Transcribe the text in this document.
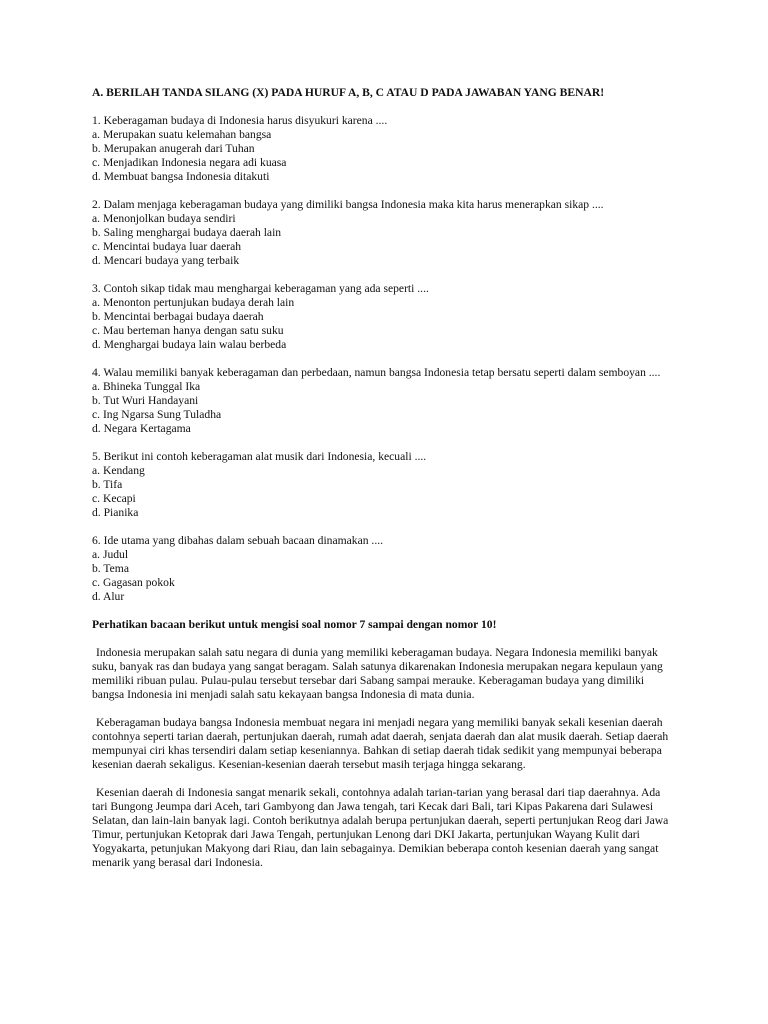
A. BERILAH TANDA SILANG (X) PADA HURUF A, B, C ATAU D PADA JAWABAN YANG BENAR!
1. Keberagaman budaya di Indonesia harus disyukuri karena ....
a. Merupakan suatu kelemahan bangsa
b. Merupakan anugerah dari Tuhan
c. Menjadikan Indonesia negara adi kuasa
d. Membuat bangsa Indonesia ditakuti
2. Dalam menjaga keberagaman budaya yang dimiliki bangsa Indonesia maka kita harus menerapkan sikap ....
a. Menonjolkan budaya sendiri
b. Saling menghargai budaya daerah lain
c. Mencintai budaya luar daerah
d. Mencari budaya yang terbaik
3. Contoh sikap tidak mau menghargai keberagaman yang ada seperti ....
a. Menonton pertunjukan budaya derah lain
b. Mencintai berbagai budaya daerah
c. Mau berteman hanya dengan satu suku
d. Menghargai budaya lain walau berbeda
4. Walau memiliki banyak keberagaman dan perbedaan, namun bangsa Indonesia tetap bersatu seperti dalam semboyan ....
a. Bhineka Tunggal Ika
b. Tut Wuri Handayani
c. Ing Ngarsa Sung Tuladha
d. Negara Kertagama
5. Berikut ini contoh keberagaman alat musik dari Indonesia, kecuali ....
a. Kendang
b. Tifa
c. Kecapi
d. Pianika
6. Ide utama yang dibahas dalam sebuah bacaan dinamakan ....
a. Judul
b. Tema
c. Gagasan pokok
d. Alur
Perhatikan bacaan berikut untuk mengisi soal nomor 7 sampai dengan nomor 10!
Indonesia merupakan salah satu negara di dunia yang memiliki keberagaman budaya. Negara Indonesia memiliki banyak suku, banyak ras dan budaya yang sangat beragam. Salah satunya dikarenakan Indonesia merupakan negara kepulaun yang memiliki ribuan pulau. Pulau-pulau tersebut tersebar dari Sabang sampai merauke. Keberagaman budaya yang dimiliki bangsa Indonesia ini menjadi salah satu kekayaan bangsa Indonesia di mata dunia.
Keberagaman budaya bangsa Indonesia membuat negara ini menjadi negara yang memiliki banyak sekali kesenian daerah contohnya seperti tarian daerah, pertunjukan daerah, rumah adat daerah, senjata daerah dan alat musik daerah. Setiap daerah mempunyai ciri khas tersendiri dalam setiap keseniannya. Bahkan di setiap daerah tidak sedikit yang mempunyai beberapa kesenian daerah sekaligus. Kesenian-kesenian daerah tersebut masih terjaga hingga sekarang.
Kesenian daerah di Indonesia sangat menarik sekali, contohnya adalah tarian-tarian yang berasal dari tiap daerahnya. Ada tari Bungong Jeumpa dari Aceh, tari Gambyong dan Jawa tengah, tari Kecak dari Bali, tari Kipas Pakarena dari Sulawesi Selatan, dan lain-lain banyak lagi. Contoh berikutnya adalah berupa pertunjukan daerah, seperti pertunjukan Reog dari Jawa Timur, pertunjukan Ketoprak dari Jawa Tengah, pertunjukan Lenong dari DKI Jakarta, pertunjukan Wayang Kulit dari Yogyakarta, petunjukan Makyong dari Riau, dan lain sebagainya. Demikian beberapa contoh kesenian daerah yang sangat menarik yang berasal dari Indonesia.
